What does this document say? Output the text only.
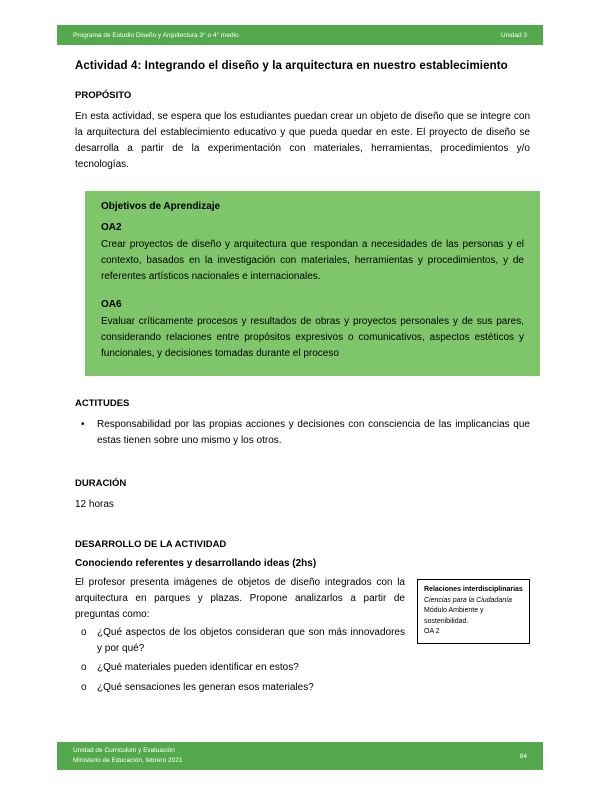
Programa de Estudio Diseño y Arquitectura 3° o 4° medio	Unidad 3
Actividad 4: Integrando el diseño y la arquitectura en nuestro establecimiento
PROPÓSITO

En esta actividad, se espera que los estudiantes puedan crear un objeto de diseño que se integre con la arquitectura del establecimiento educativo y que pueda quedar en este. El proyecto de diseño se desarrolla a partir de la experimentación con materiales, herramientas, procedimientos y/o tecnologías.

Objetivos de Aprendizaje
OA2

Crear proyectos de diseño y arquitectura que respondan a necesidades de las personas y el contexto, basados en la investigación con materiales, herramientas y procedimientos, y de referentes artísticos nacionales e internacionales.

OA6

Evaluar críticamente procesos y resultados de obras y proyectos personales y de sus pares, considerando relaciones entre propósitos expresivos o comunicativos, aspectos estéticos y funcionales, y decisiones tomadas durante el proceso

ACTITUDES
•	Responsabilidad por las propias acciones y decisiones con consciencia de las implicancias que estas tienen sobre uno mismo y los otros.
DURACIÓN

12 horas

DESARROLLO DE LA ACTIVIDAD
Conociendo referentes y desarrollando ideas (2hs)

El profesor presenta imágenes de objetos de diseño integrados con la arquitectura en parques y plazas. Propone analizarlos a partir de preguntas como:

o	¿Qué aspectos de los objetos consideran que son más innovadores y por qué?
o	¿Qué materiales pueden identificar en estos?
o	¿Qué sensaciones les generan esos materiales?
Relaciones interdisciplinarias
Ciencias para la Ciudadanía
Módulo Ambiente y sostenibilidad.
OA 2
Unidad de Currículum y Evaluación
Ministerio de Educación, febrero 2021
84
